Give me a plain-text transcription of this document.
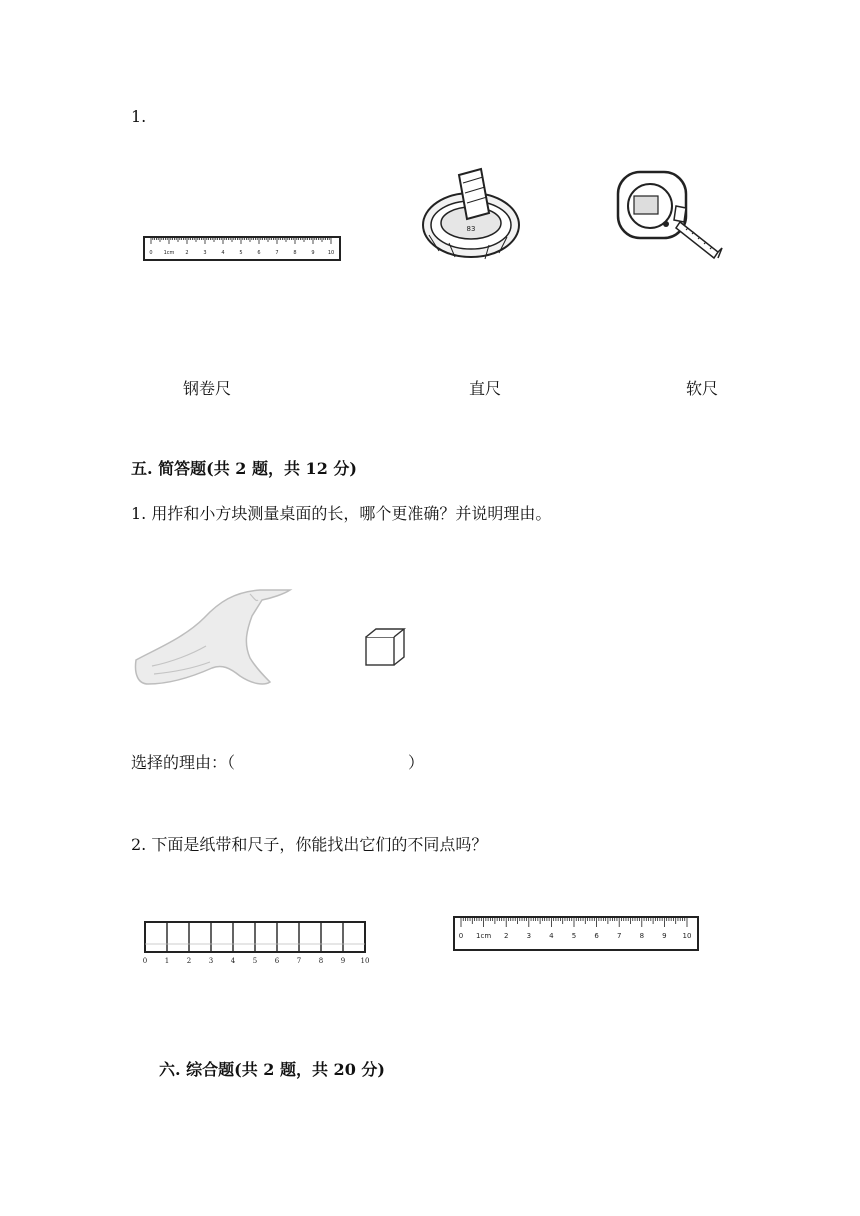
1.
0 1cm 2	3	4	5	6	7	8	9	10
83
钢卷尺	直尺	软尺
五. 简答题(共 2 题，共 12 分)
1. 用拃和小方块测量桌面的长，哪个更准确？并说明理由。
选择的理由：（	）
2. 下面是纸带和尺子，你能找出它们的不同点吗？
0	1	2	3	4	5	6	7	8	9 10
0 1cm 2	3	4	5	6	7	8	9 10
六. 综合题(共 2 题，共 20 分)
